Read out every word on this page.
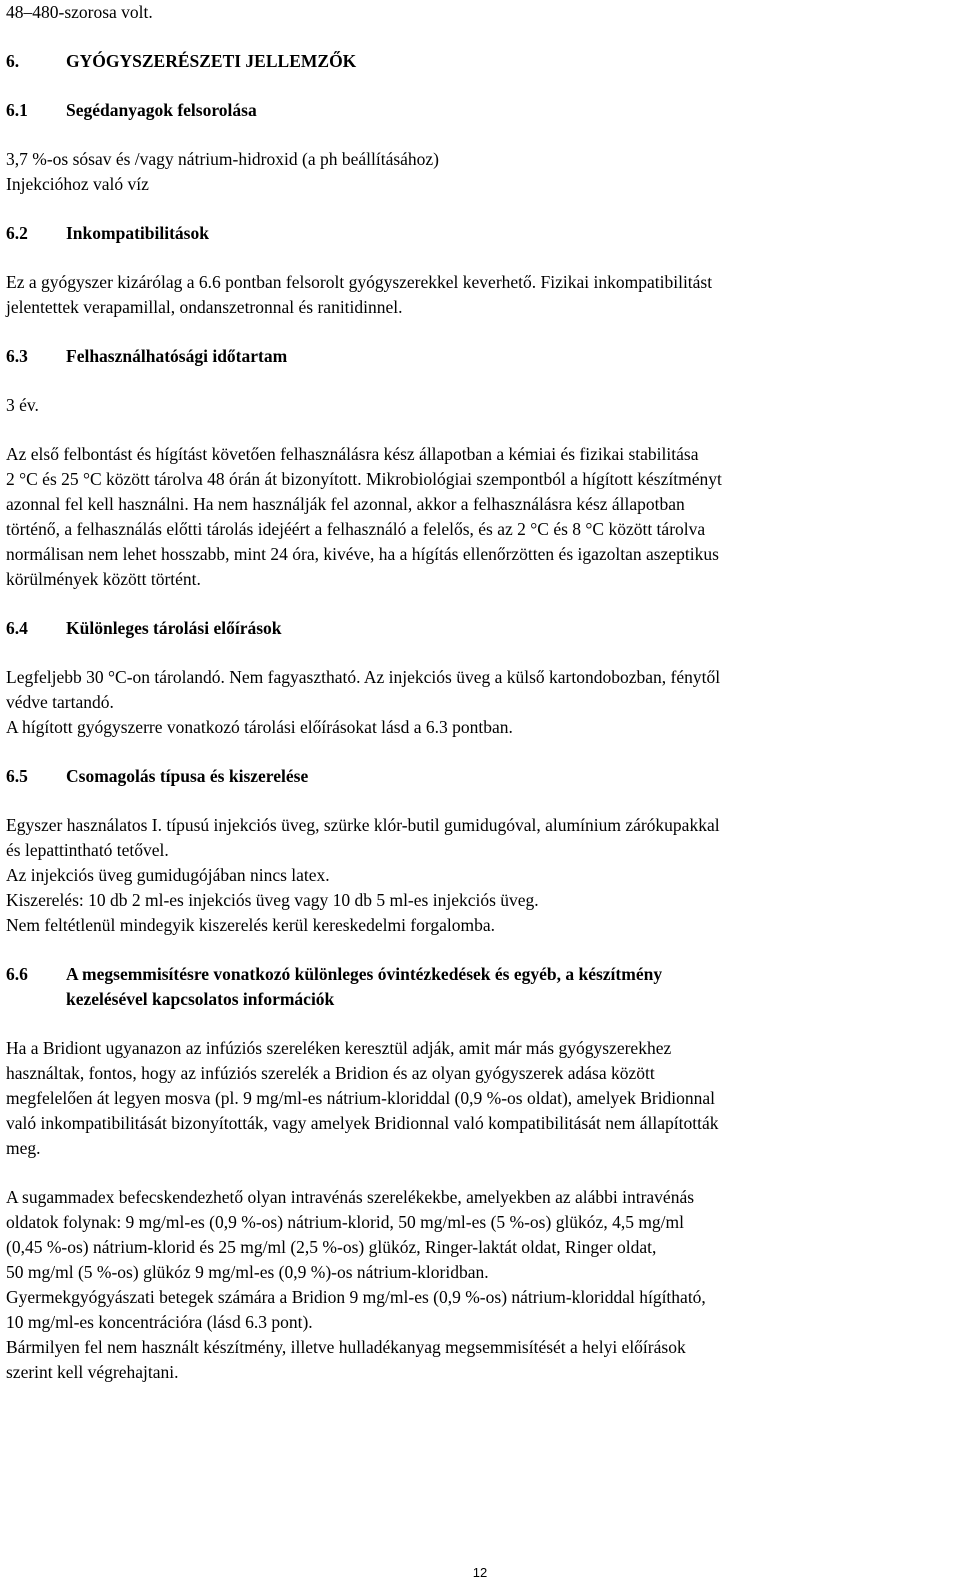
48–480-szorosa volt.

6.	GYÓGYSZERÉSZETI JELLEMZŐK

6.1	Segédanyagok felsorolása

3,7 %-os sósav és /vagy nátrium-hidroxid (a ph beállításához)

Injekcióhoz való víz

6.2	Inkompatibilitások

Ez a gyógyszer kizárólag a 6.6 pontban felsorolt gyógyszerekkel keverhető. Fizikai inkompatibilitást

jelentettek verapamillal, ondanszetronnal és ranitidinnel.

6.3	Felhasználhatósági időtartam

3 év.

Az első felbontást és hígítást követően felhasználásra kész állapotban a kémiai és fizikai stabilitása

2 °C és 25 °C között tárolva 48 órán át bizonyított. Mikrobiológiai szempontból a hígított készítményt

azonnal fel kell használni. Ha nem használják fel azonnal, akkor a felhasználásra kész állapotban

történő, a felhasználás előtti tárolás idejéért a felhasználó a felelős, és az 2 °C és 8 °C között tárolva

normálisan nem lehet hosszabb, mint 24 óra, kivéve, ha a hígítás ellenőrzötten és igazoltan aszeptikus

körülmények között történt.

6.4	Különleges tárolási előírások

Legfeljebb 30 °C-on tárolandó. Nem fagyasztható. Az injekciós üveg a külső kartondobozban, fénytől

védve tartandó.

A hígított gyógyszerre vonatkozó tárolási előírásokat lásd a 6.3 pontban.

6.5	Csomagolás típusa és kiszerelése

Egyszer használatos I. típusú injekciós üveg, szürke klór-butil gumidugóval, alumínium zárókupakkal

és lepattintható tetővel.

Az injekciós üveg gumidugójában nincs latex.

Kiszerelés: 10 db 2 ml-es injekciós üveg vagy 10 db 5 ml-es injekciós üveg.

Nem feltétlenül mindegyik kiszerelés kerül kereskedelmi forgalomba.

6.6	A megsemmisítésre vonatkozó különleges óvintézkedések és egyéb, a készítmény
kezelésével kapcsolatos információk

Ha a Bridiont ugyanazon az infúziós szereléken keresztül adják, amit már más gyógyszerekhez

használtak, fontos, hogy az infúziós szerelék a Bridion és az olyan gyógyszerek adása között

megfelelően át legyen mosva (pl. 9 mg/ml-es nátrium-kloriddal (0,9 %-os oldat), amelyek Bridionnal

való inkompatibilitását bizonyították, vagy amelyek Bridionnal való kompatibilitását nem állapították

meg.

A sugammadex befecskendezhető olyan intravénás szerelékekbe, amelyekben az alábbi intravénás

oldatok folynak: 9 mg/ml-es (0,9 %-os) nátrium-klorid, 50 mg/ml-es (5 %-os) glükóz, 4,5 mg/ml

(0,45 %-os) nátrium-klorid és 25 mg/ml (2,5 %-os) glükóz, Ringer-laktát oldat, Ringer oldat,

50 mg/ml (5 %-os) glükóz 9 mg/ml-es (0,9 %)-os nátrium-kloridban.

Gyermekgyógyászati betegek számára a Bridion 9 mg/ml-es (0,9 %-os) nátrium-kloriddal hígítható,

10 mg/ml-es koncentrációra (lásd 6.3 pont).

Bármilyen fel nem használt készítmény, illetve hulladékanyag megsemmisítését a helyi előírások

szerint kell végrehajtani.

12
